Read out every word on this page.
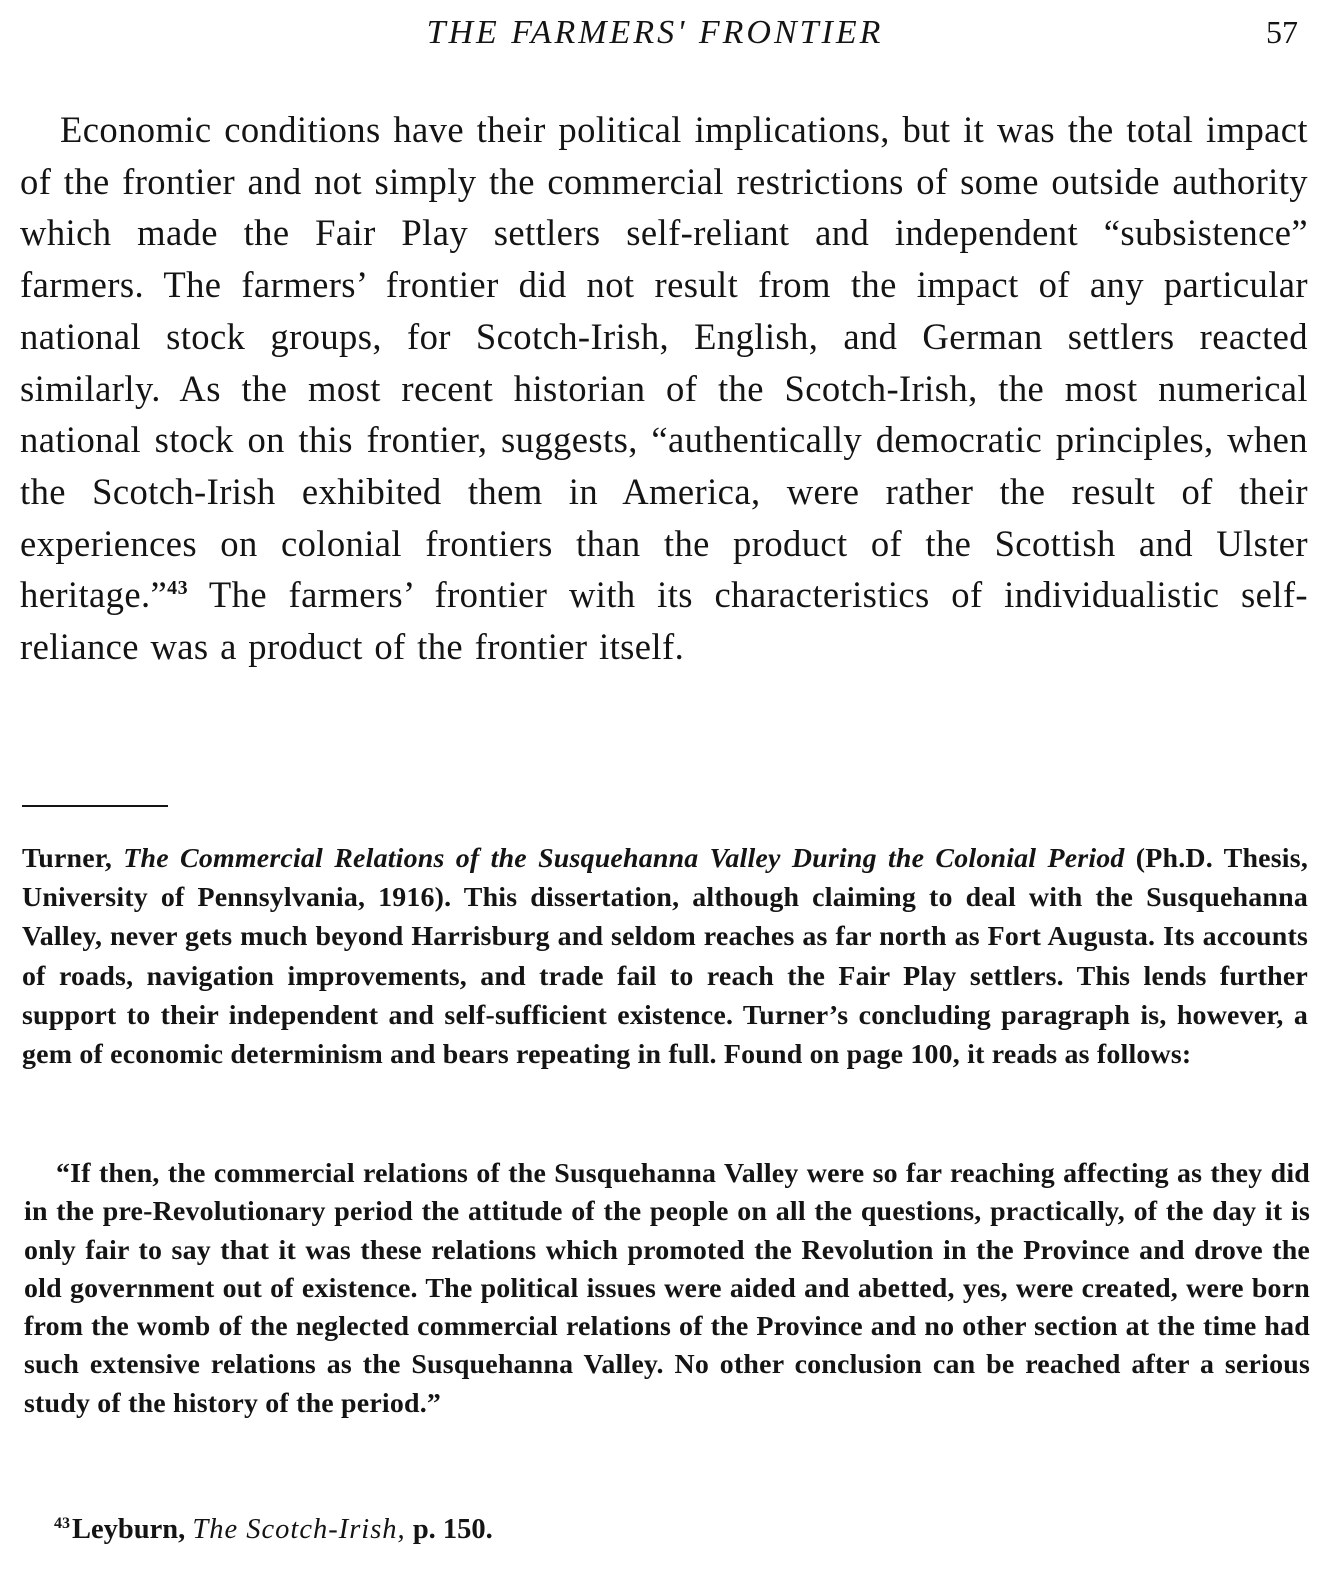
THE FARMERS' FRONTIER	57

Economic conditions have their political implications, but it was the total impact of the frontier and not simply the commercial restrictions of some outside authority which made the Fair Play settlers self-reliant and independent “subsistence” farmers. The farmers’ frontier did not result from the impact of any particular national stock groups, for Scotch-Irish, English, and German settlers reacted similarly. As the most recent historian of the Scotch-Irish, the most numerical national stock on this frontier, suggests, “authentically democratic principles, when the Scotch-Irish exhibited them in America, were rather the result of their experiences on colonial frontiers than the product of the Scottish and Ulster heritage.”$^{43}$ The farmers’ frontier with its characteristics of individualistic self-reliance was a product of the frontier itself.

Turner, The Commercial Relations of the Susquehanna Valley During the Colonial Period (Ph.D. Thesis, University of Pennsylvania, 1916). This dissertation, although claiming to deal with the Susquehanna Valley, never gets much beyond Harrisburg and seldom reaches as far north as Fort Augusta. Its accounts of roads, navigation improvements, and trade fail to reach the Fair Play settlers. This lends further support to their independent and self-sufficient existence. Turner’s concluding paragraph is, however, a gem of economic determinism and bears repeating in full. Found on page 100, it reads as follows:

“If then, the commercial relations of the Susquehanna Valley were so far reaching affecting as they did in the pre-Revolutionary period the attitude of the people on all the questions, practically, of the day it is only fair to say that it was these relations which promoted the Revolution in the Province and drove the old government out of existence. The political issues were aided and abetted, yes, were created, were born from the womb of the neglected commercial relations of the Province and no other section at the time had such extensive relations as the Susquehanna Valley. No other conclusion can be reached after a serious study of the history of the period.”

$^{43}$Leyburn, The Scotch-Irish, p. 150.
